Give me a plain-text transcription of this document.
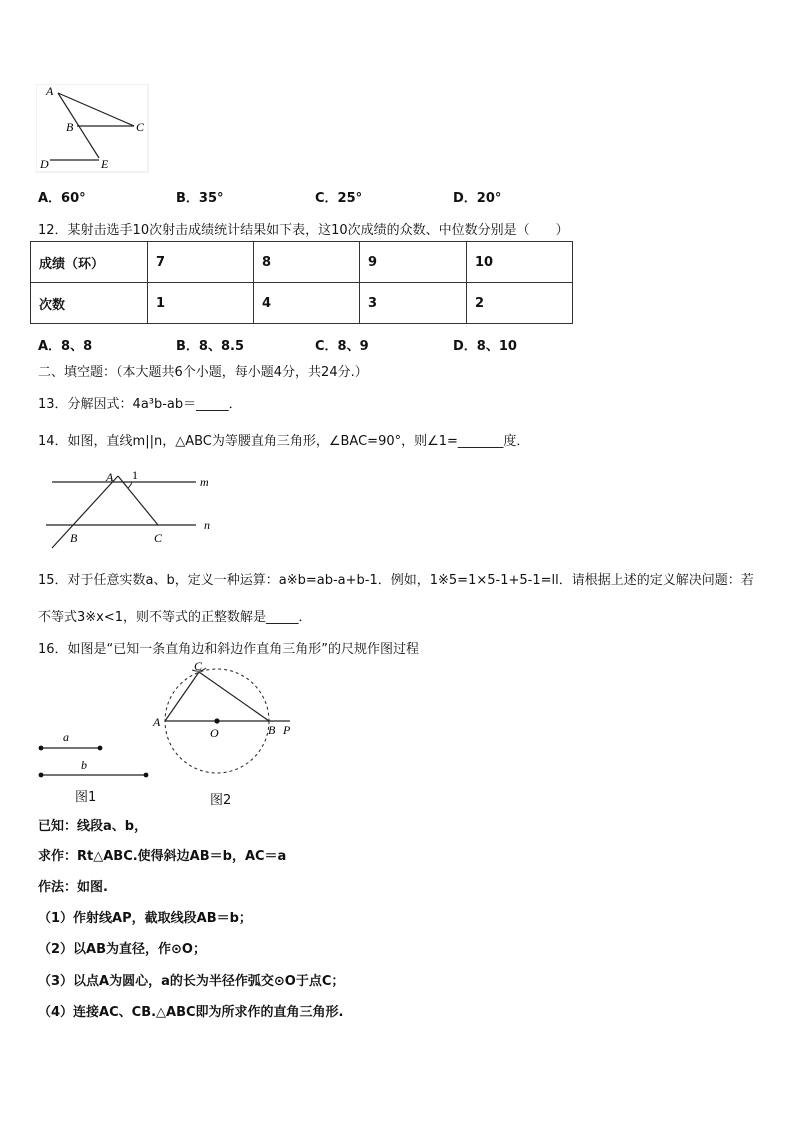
A
B	C
D	E
A．60°	B．35°	C．25°	D．20°
12．某射击选手10次射击成绩统计结果如下表，这10次成绩的众数、中位数分别是（　　）
成绩（环）	7	8	9	10
次数	1	4	3	2
A．8、8	B．8、8.5	C．8、9	D．8、10
二、填空题：（本大题共6个小题，每小题4分，共24分.）
13．分解因式：4a³b-ab＝_____．
14．如图，直线m||n，△ABC为等腰直角三角形，∠BAC=90°，则∠1=_______度．
A 1	m
n
B	C
15．对于任意实数a、b，定义一种运算：a※b=ab-a+b-1．例如，1※5=1×5-1+5-1=ll．请根据上述的定义解决问题：若
不等式3※x<1，则不等式的正整数解是_____．
16．如图是“已知一条直角边和斜边作直角三角形”的尺规作图过程
a
b
图1
C
A
O	B P
图2
已知：线段a、b，
求作：Rt△ABC.使得斜边AB＝b，AC＝a
作法：如图.
（1）作射线AP，截取线段AB＝b；
（2）以AB为直径，作⊙O；
（3）以点A为圆心，a的长为半径作弧交⊙O于点C；
（4）连接AC、CB.△ABC即为所求作的直角三角形.
